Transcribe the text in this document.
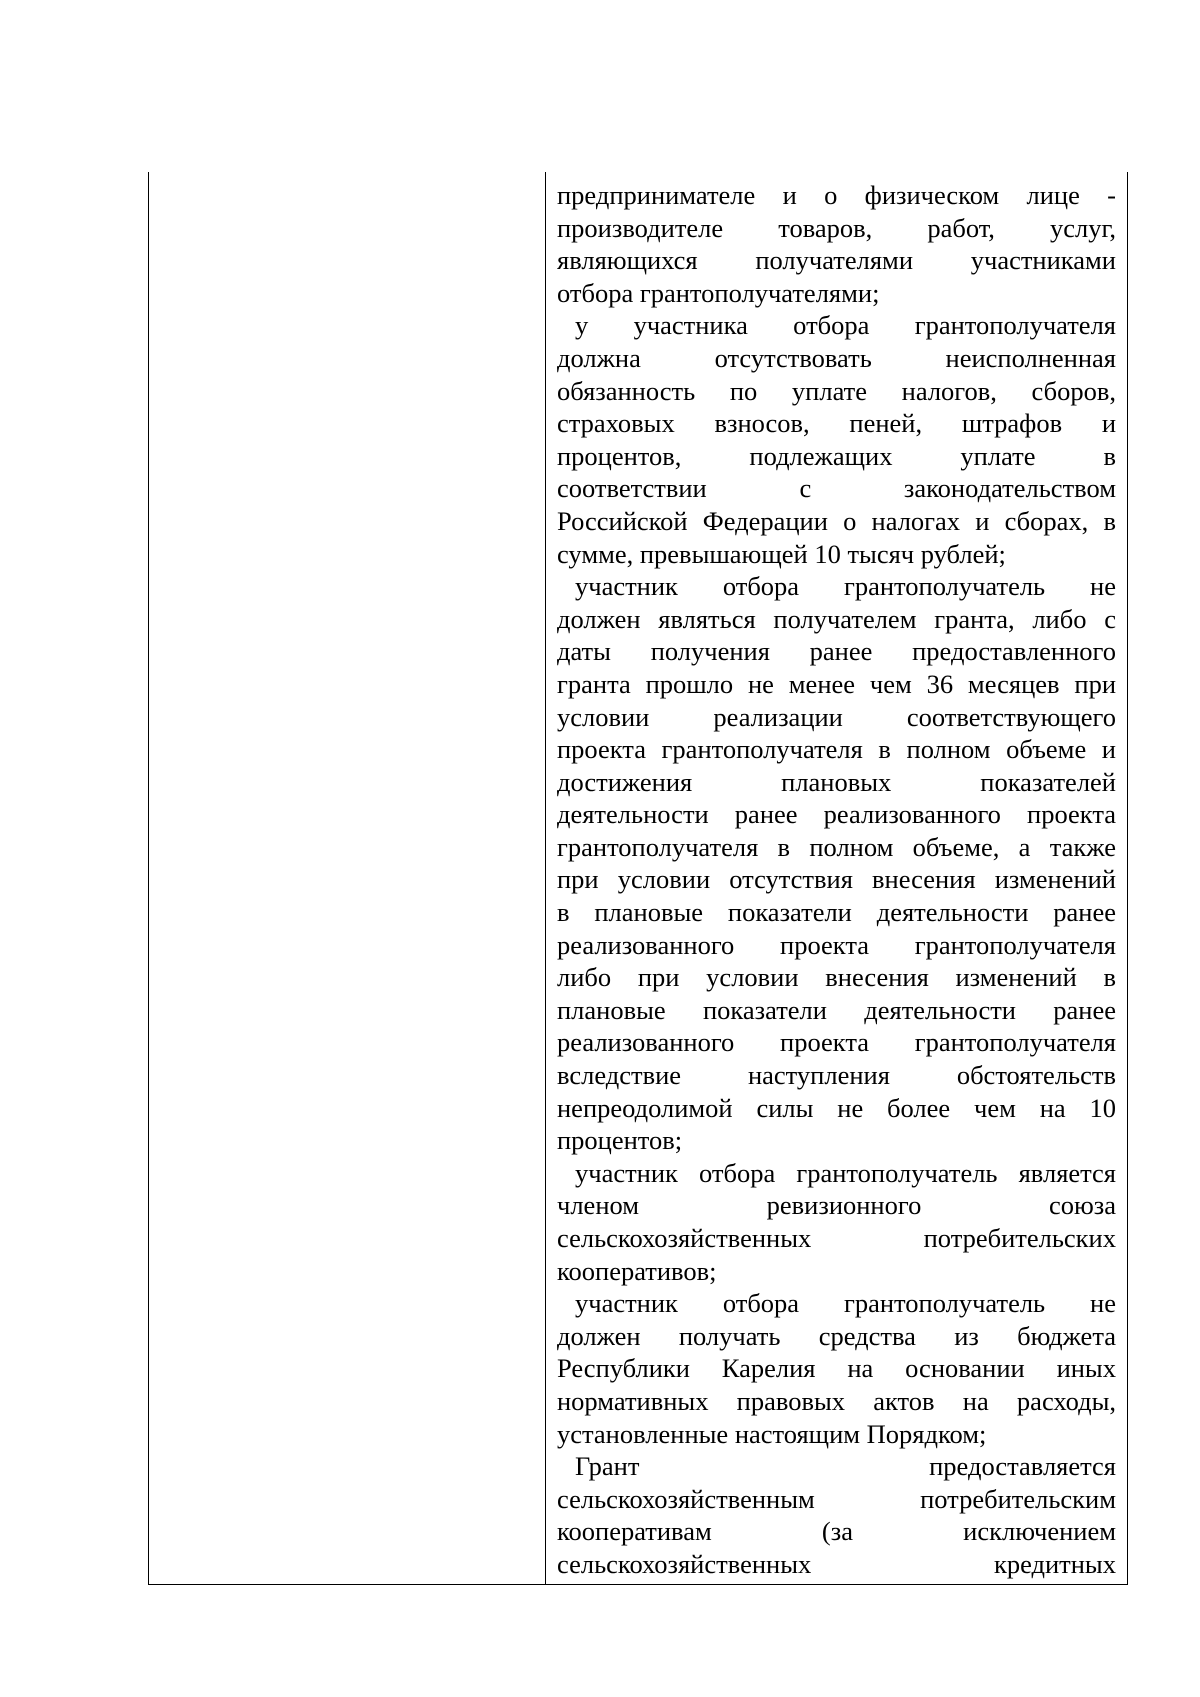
предпринимателе и о физическом лице -
производителе товаров, работ, услуг,
являющихся получателями участниками
отбора грантополучателями;
у участника отбора грантополучателя
должна отсутствовать неисполненная
обязанность по уплате налогов, сборов,
страховых взносов, пеней, штрафов и
процентов, подлежащих уплате в
соответствии с законодательством
Российской Федерации о налогах и сборах, в
сумме, превышающей 10 тысяч рублей;
участник отбора грантополучатель не
должен являться получателем гранта, либо с
даты получения ранее предоставленного
гранта прошло не менее чем 36 месяцев при
условии реализации соответствующего
проекта грантополучателя в полном объеме и
достижения плановых показателей
деятельности ранее реализованного проекта
грантополучателя в полном объеме, а также
при условии отсутствия внесения изменений
в плановые показатели деятельности ранее
реализованного проекта грантополучателя
либо при условии внесения изменений в
плановые показатели деятельности ранее
реализованного проекта грантополучателя
вследствие наступления обстоятельств
непреодолимой силы не более чем на 10
процентов;
участник отбора грантополучатель является
членом ревизионного союза
сельскохозяйственных потребительских
кооперативов;
участник отбора грантополучатель не
должен получать средства из бюджета
Республики Карелия на основании иных
нормативных правовых актов на расходы,
установленные настоящим Порядком;
Грант предоставляется
сельскохозяйственным потребительским
кооперативам (за исключением
сельскохозяйственных кредитных
